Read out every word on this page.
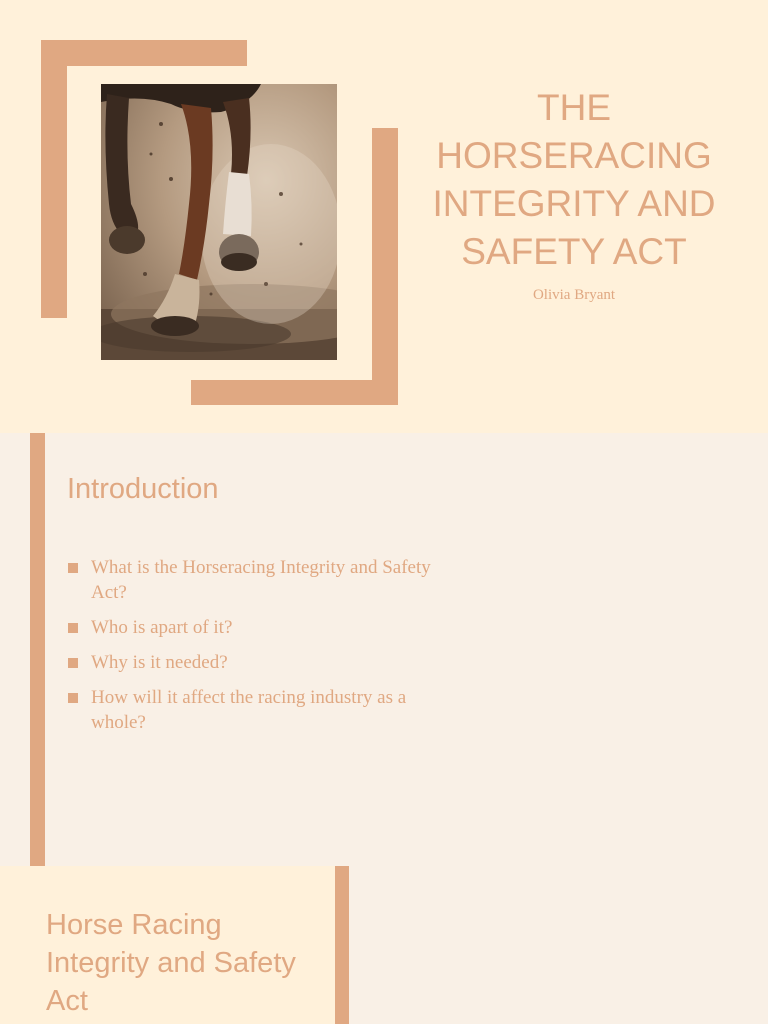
THE HORSERACING INTEGRITY AND SAFETY ACT
Olivia Bryant
Introduction
What is the Horseracing Integrity and Safety Act?
Who is apart of it?
Why is it needed?
How will it affect the racing industry as a whole?
Horse Racing Integrity and Safety Act
